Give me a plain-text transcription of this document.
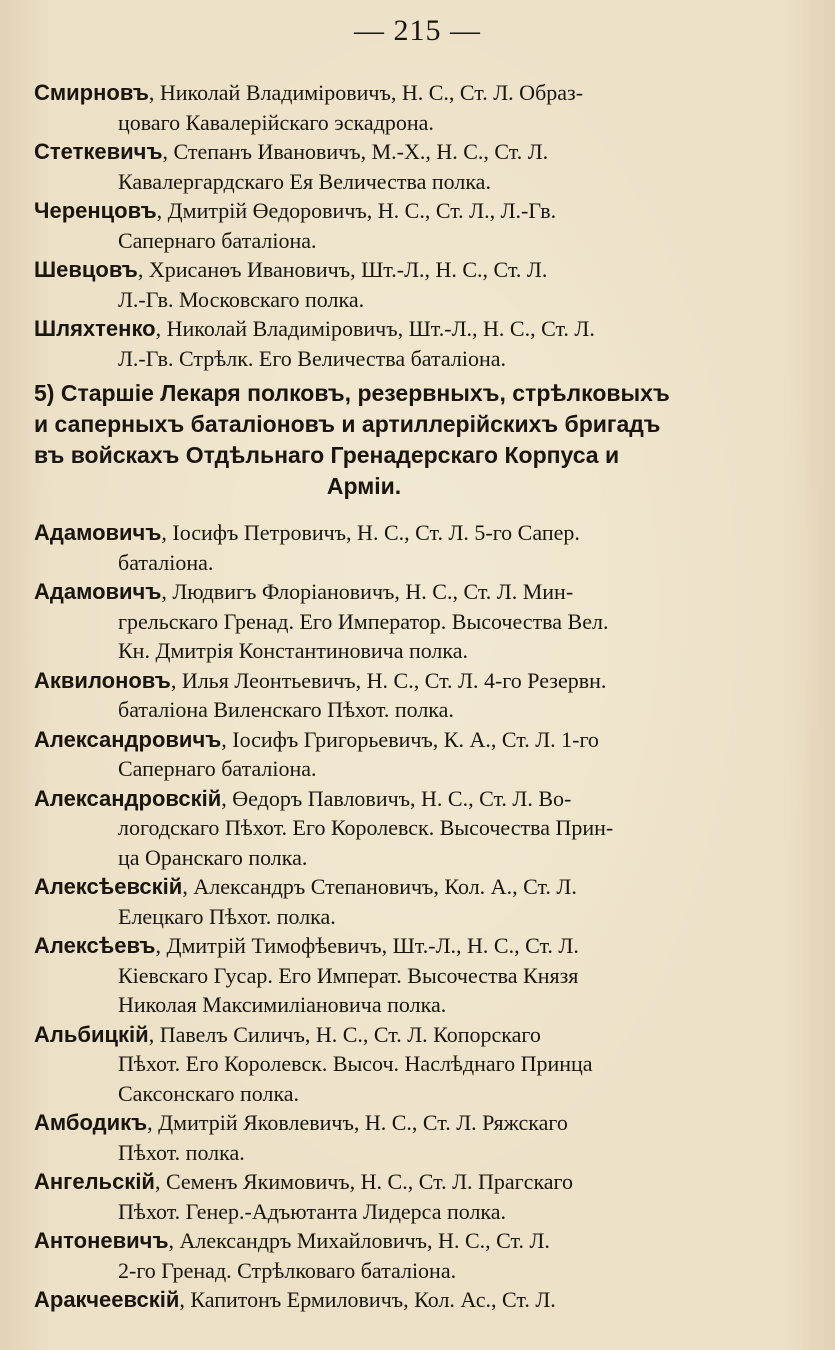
— 215 —
Смирновъ, Николай Владиміровичъ, Н. С., Ст. Л. Образ-
цоваго Кавалерійскаго эскадрона.
Стеткевичъ, Степанъ Ивановичъ, М.-Х., Н. С., Ст. Л.
Кавалергардскаго Ея Величества полка.
Черенцовъ, Дмитрій Өедоровичъ, Н. С., Ст. Л., Л.-Гв.
Сапернаго баталіона.
Шевцовъ, Хрисанөъ Ивановичъ, Шт.-Л., Н. С., Ст. Л.
Л.-Гв. Московскаго полка.
Шляхтенко, Николай Владиміровичъ, Шт.-Л., Н. С., Ст. Л.
Л.-Гв. Стрѣлк. Его Величества баталіона.
5) Старшіе Лекаря полковъ, резервныхъ, стрѣлковыхъ
и саперныхъ баталіоновъ и артиллерійскихъ бригадъ
въ войскахъ Отдѣльнаго Гренадерскаго Корпуса и
Арміи.
Адамовичъ, Іосифъ Петровичъ, Н. С., Ст. Л. 5-го Сапер.
баталіона.
Адамовичъ, Людвигъ Флоріановичъ, Н. С., Ст. Л. Мин-
грельскаго Гренад. Его Император. Высочества Вел.
Кн. Дмитрія Константиновича полка.
Аквилоновъ, Илья Леонтьевичъ, Н. С., Ст. Л. 4-го Резервн.
баталіона Виленскаго Пѣхот. полка.
Александровичъ, Іосифъ Григорьевичъ, К. А., Ст. Л. 1-го
Сапернаго баталіона.
Александровскій, Өедоръ Павловичъ, Н. С., Ст. Л. Во-
логодскаго Пѣхот. Его Королевск. Высочества Прин-
ца Оранскаго полка.
Алексѣевскій, Александръ Степановичъ, Кол. А., Ст. Л.
Елецкаго Пѣхот. полка.
Алексѣевъ, Дмитрій Тимофѣевичъ, Шт.-Л., Н. С., Ст. Л.
Кіевскаго Гусар. Его Императ. Высочества Князя
Николая Максимиліановича полка.
Альбицкій, Павелъ Силичъ, Н. С., Ст. Л. Копорскаго
Пѣхот. Его Королевск. Высоч. Наслѣднаго Принца
Саксонскаго полка.
Амбодикъ, Дмитрій Яковлевичъ, Н. С., Ст. Л. Ряжскаго
Пѣхот. полка.
Ангельскій, Семенъ Якимовичъ, Н. С., Ст. Л. Прагскаго
Пѣхот. Генер.-Адъютанта Лидерса полка.
Антоневичъ, Александръ Михайловичъ, Н. С., Ст. Л.
2-го Гренад. Стрѣлковаго баталіона.
Аракчеевскій, Капитонъ Ермиловичъ, Кол. Ас., Ст. Л.
